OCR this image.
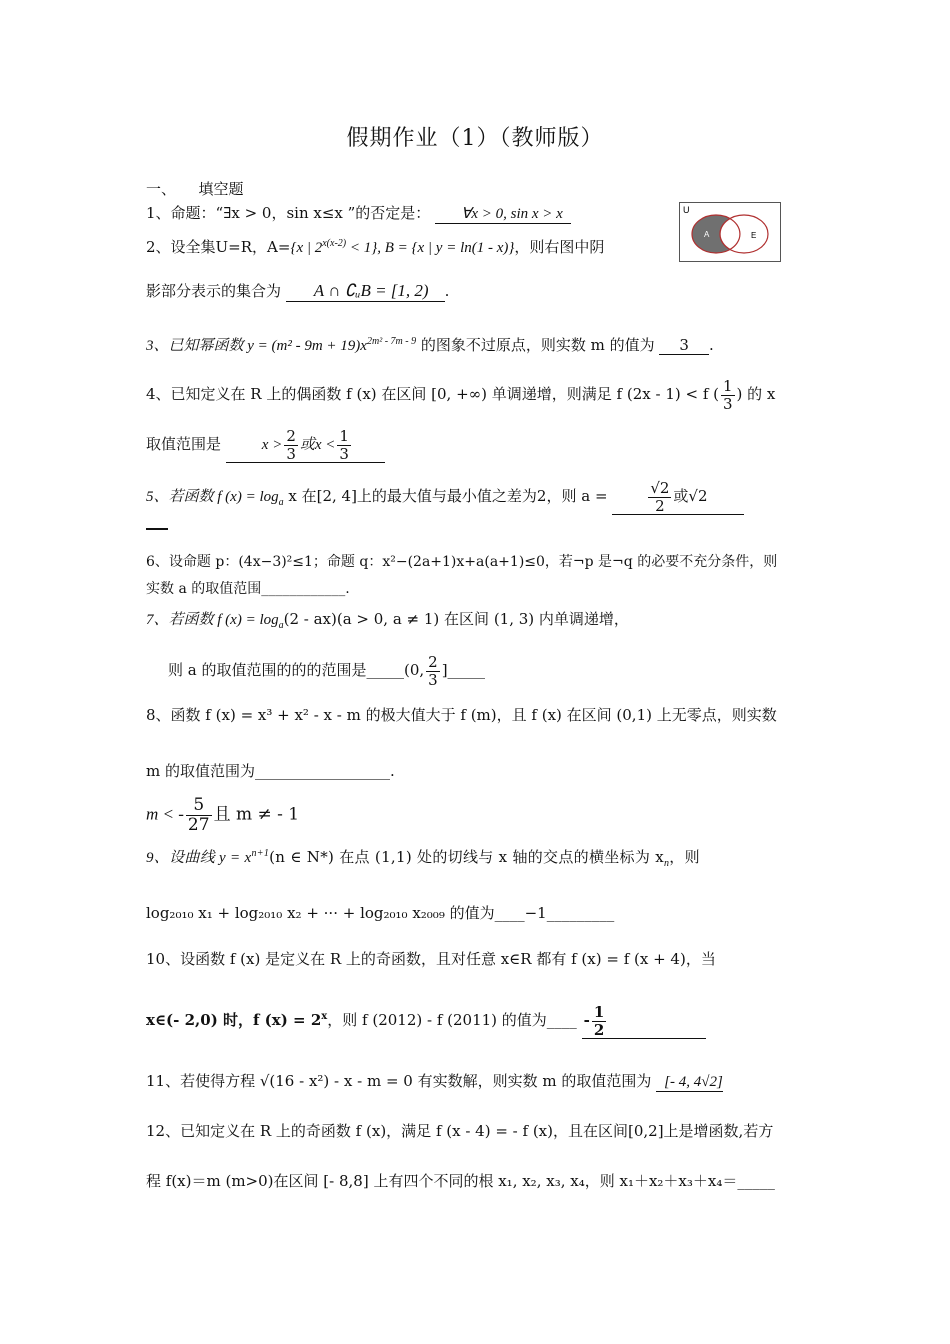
假期作业（1）（教师版）
一、　　填空题
1、命题：“∃x > 0，sin x≤x ”的否定是： ∀x > 0, sin x > x
2、设全集U=R，A={x | $2^{x(x-2)} < 1$}, B = {x | y = ln(1 - x)}，则右图中阴
U
A	E
影部分表示的集合为 A ∩ ∁ᵤB = [1, 2) .
3、已知幂函数 $y = (m^2 - 9m + 19)x^{2m^2 - 7m - 9}$ 的图象不过原点，则实数 m 的值为 3 .
4、已知定义在 R 上的偶函数 f (x) 在区间 [0, +∞) 单调递增，则满足 f (2x - 1) < f ( $\frac{1}{3}$ ) 的 x
取值范围是	$x > \frac{2}{3}$ 或$x < \frac{1}{3}$
5、若函数 f $(x) = \log_a x$ 在[2, 4]上的最大值与最小值之差为2，则 a =	$\frac{√2}{2}$ 或√2
6、设命题 p：(4x−3)²≤1；命题 q：x²−(2a+1)x+a(a+1)≤0，若¬p 是¬q 的必要不充分条件，则
实数 a 的取值范围____________.
7、若函数 f $(x) = \log_a(2 - ax)(a > 0$, a ≠ 1) 在区间 (1, 3) 内单调递增，
则 a 的取值范围的的的范围是_____(0, $\frac{2}{3}$ ]_____
8、函数 f (x) = x³ + x² - x - m 的极大值大于 f (m)，且 f (x) 在区间 (0,1) 上无零点，则实数
m 的取值范围为__________________.
m < - $\frac{5}{27}$ 且 m ≠ - 1
9、设曲线 $y = x^{n+1}(n$ ∈ N*) 在点 (1,1) 处的切线与 x 轴的交点的横坐标为 $x_n$，则
log₂₀₁₀ x₁ + log₂₀₁₀ x₂ + ··· + log₂₀₁₀ x₂₀₀₉ 的值为____−1_________
10、设函数 f (x) 是定义在 R 上的奇函数，且对任意 x∈R 都有 f (x) = f (x + 4)，当
x∈(- 2,0) 时，f $(x) = 2^x$，则 f (2012) - f (2011) 的值为____ - $\frac{1}{2}$
11、若使得方程 √(16 - x²) - x - m = 0 有实数解，则实数 m 的取值范围为 [- 4, 4√2]
12、已知定义在 R 上的奇函数 f (x)，满足 f (x - 4) = - f (x)，且在区间[0,2]上是增函数,若方
程 f(x)＝m (m>0)在区间 [- 8,8] 上有四个不同的根 x₁, x₂, x₃, x₄，则 x₁＋x₂＋x₃＋x₄＝_____
